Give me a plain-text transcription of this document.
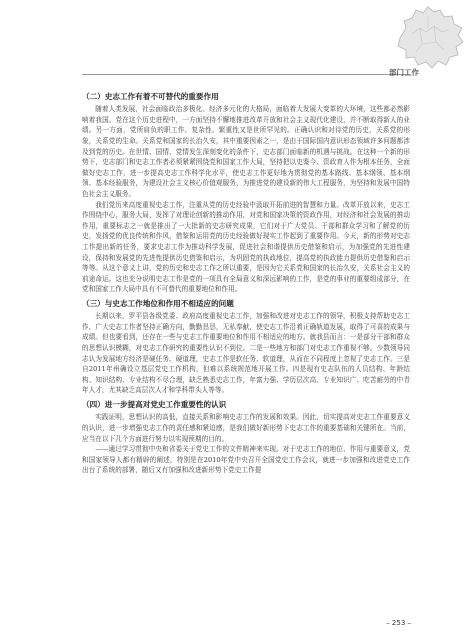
部门工作
（二）史志工作有着不可替代的重要作用

随着人类发展，社会面临政治多极化、经济多元化的大格局，面临着大发展大变革的大环境，这些都必然影响着我国。党在这个历史进程中，一方面坚持不懈地推进改革开放和社会主义现代化建设，并不断取得新人的业绩。另一方面，党所肩负的职工作、复杂性、繁重性又是世所罕见的。正确认识和对待党的历史，关系党的形象，关系党的生命。关系党和国家的长治久安，其中重要因素之一，是由于国际国内意识形态领域许多问题都涉及到党的历史。在世情、国情、党情发生深刻变化的条件下，史志部门面临新的机遇与挑战。在这种一个新的形势下，史志部门和史志工作者必须紧紧围绕党和国家工作大局，坚持把以史鉴今、资政育人作为根本任务，全面做好史志工作，进一步提高史志工作科学化水平，使史志工作更好地为贯彻党的基本路线、基本纲领、基本纲领、基本经验服务，为建设社会主义核心价值观服务，为推进党的建设新的伟大工程服务，为坚持和发展中国特色社会主义服务。

我们党历来高度重视史志工作，注重从党的历史经验中汲取开拓前进的智慧和力量。改革开放以来，史志工作围绕中心，服务大局，发挥了对理论创新的推动作用，对党和国家决策的资政作用，对经济和社会发展的推动作用，重要标志之一就是推出了一大批新的史志研究成果，它们对于广大党员、干部和群众学习和了解党的历史，发扬党的优良传统和作风，借鉴和运用党的历史经验做好现实工作起到了重要作用。今天，新的形势对史志工作提出新的任务，要求史志工作为推动科学发展，促进社会和谐提供历史借鉴和启示，为加强党的先进性建设，保持和发展党的先进性提供历史借鉴和启示，为巩固党的执政地位，提高党的执政能力提供历史借鉴和启示等等。从这个意义上讲，党的历史和史志工作之所以重要，是因为它关系党和国家的长治久安，关系社会主义的前途命运。这也充分说明史志工作是党的一项具有全局意义和深远影响的工作，是党的事业的重要组成部分，在党和国家工作大局中具有不可替代的重要地位和作用。

（三）与史志工作地位和作用不相适应的问题

长期以来，罗平县各级党委、政府高度重视史志工作，加强和改进对史志工作的领导，积极支持帮助史志工作，广大史志工作者坚持正确方向，勤勤恳恳，无私奉献，使史志工作沿着正确轨道发展，取得了可喜的成果与成绩。但也要看到，还存在一些与史志工作重要地位和作用不相适应的地方。就我县而言：一是部分干部和群众的思想认识模糊，对史志工作研究的重要性认识不到位。二是一些地方和部门对史志工作重视不够。少数领导同志认为发展地方经济是硬任务、硬道理，史志工作是软任务、软道理，从而在不同程度上忽视了史志工作。三是自2011年州确设立基层党史工作机构，但难以系统规范地开展工作。四是现有史志队伍的人员结构、年龄结构、知识结构、专业结构不尽合理，缺乏熟悉史志工作，年富力强、学历层次高、专业知识广、吃苦耐劳的中青年人才，尤其缺乏高层次人才和学科带头人等等。

（四）进一步提高对党史工作重要性的认识

实践证明，思想认识的高低，直接关系和影响史志工作的发展和效果。因此，切实提高对史志工作重要意义的认识，进一步增强史志工作的责任感和紧迫感，是我们做好新形势下史志工作的重要基础和关键所在。当前，应当在以下几个方面进行努力以实现预期的目的。

——通过学习贯彻中央和省委关于党史工作的文件精神来实现。对于史志工作的地位、作用与重要意义，党和国家领导人都有精辟的阐述，特别是在2010年党中央召开全国党史工作会议，就进一步加强和改进党史工作出台了系统的部署，随后又有加强和改进新形势下党史工作提

– 253 –
